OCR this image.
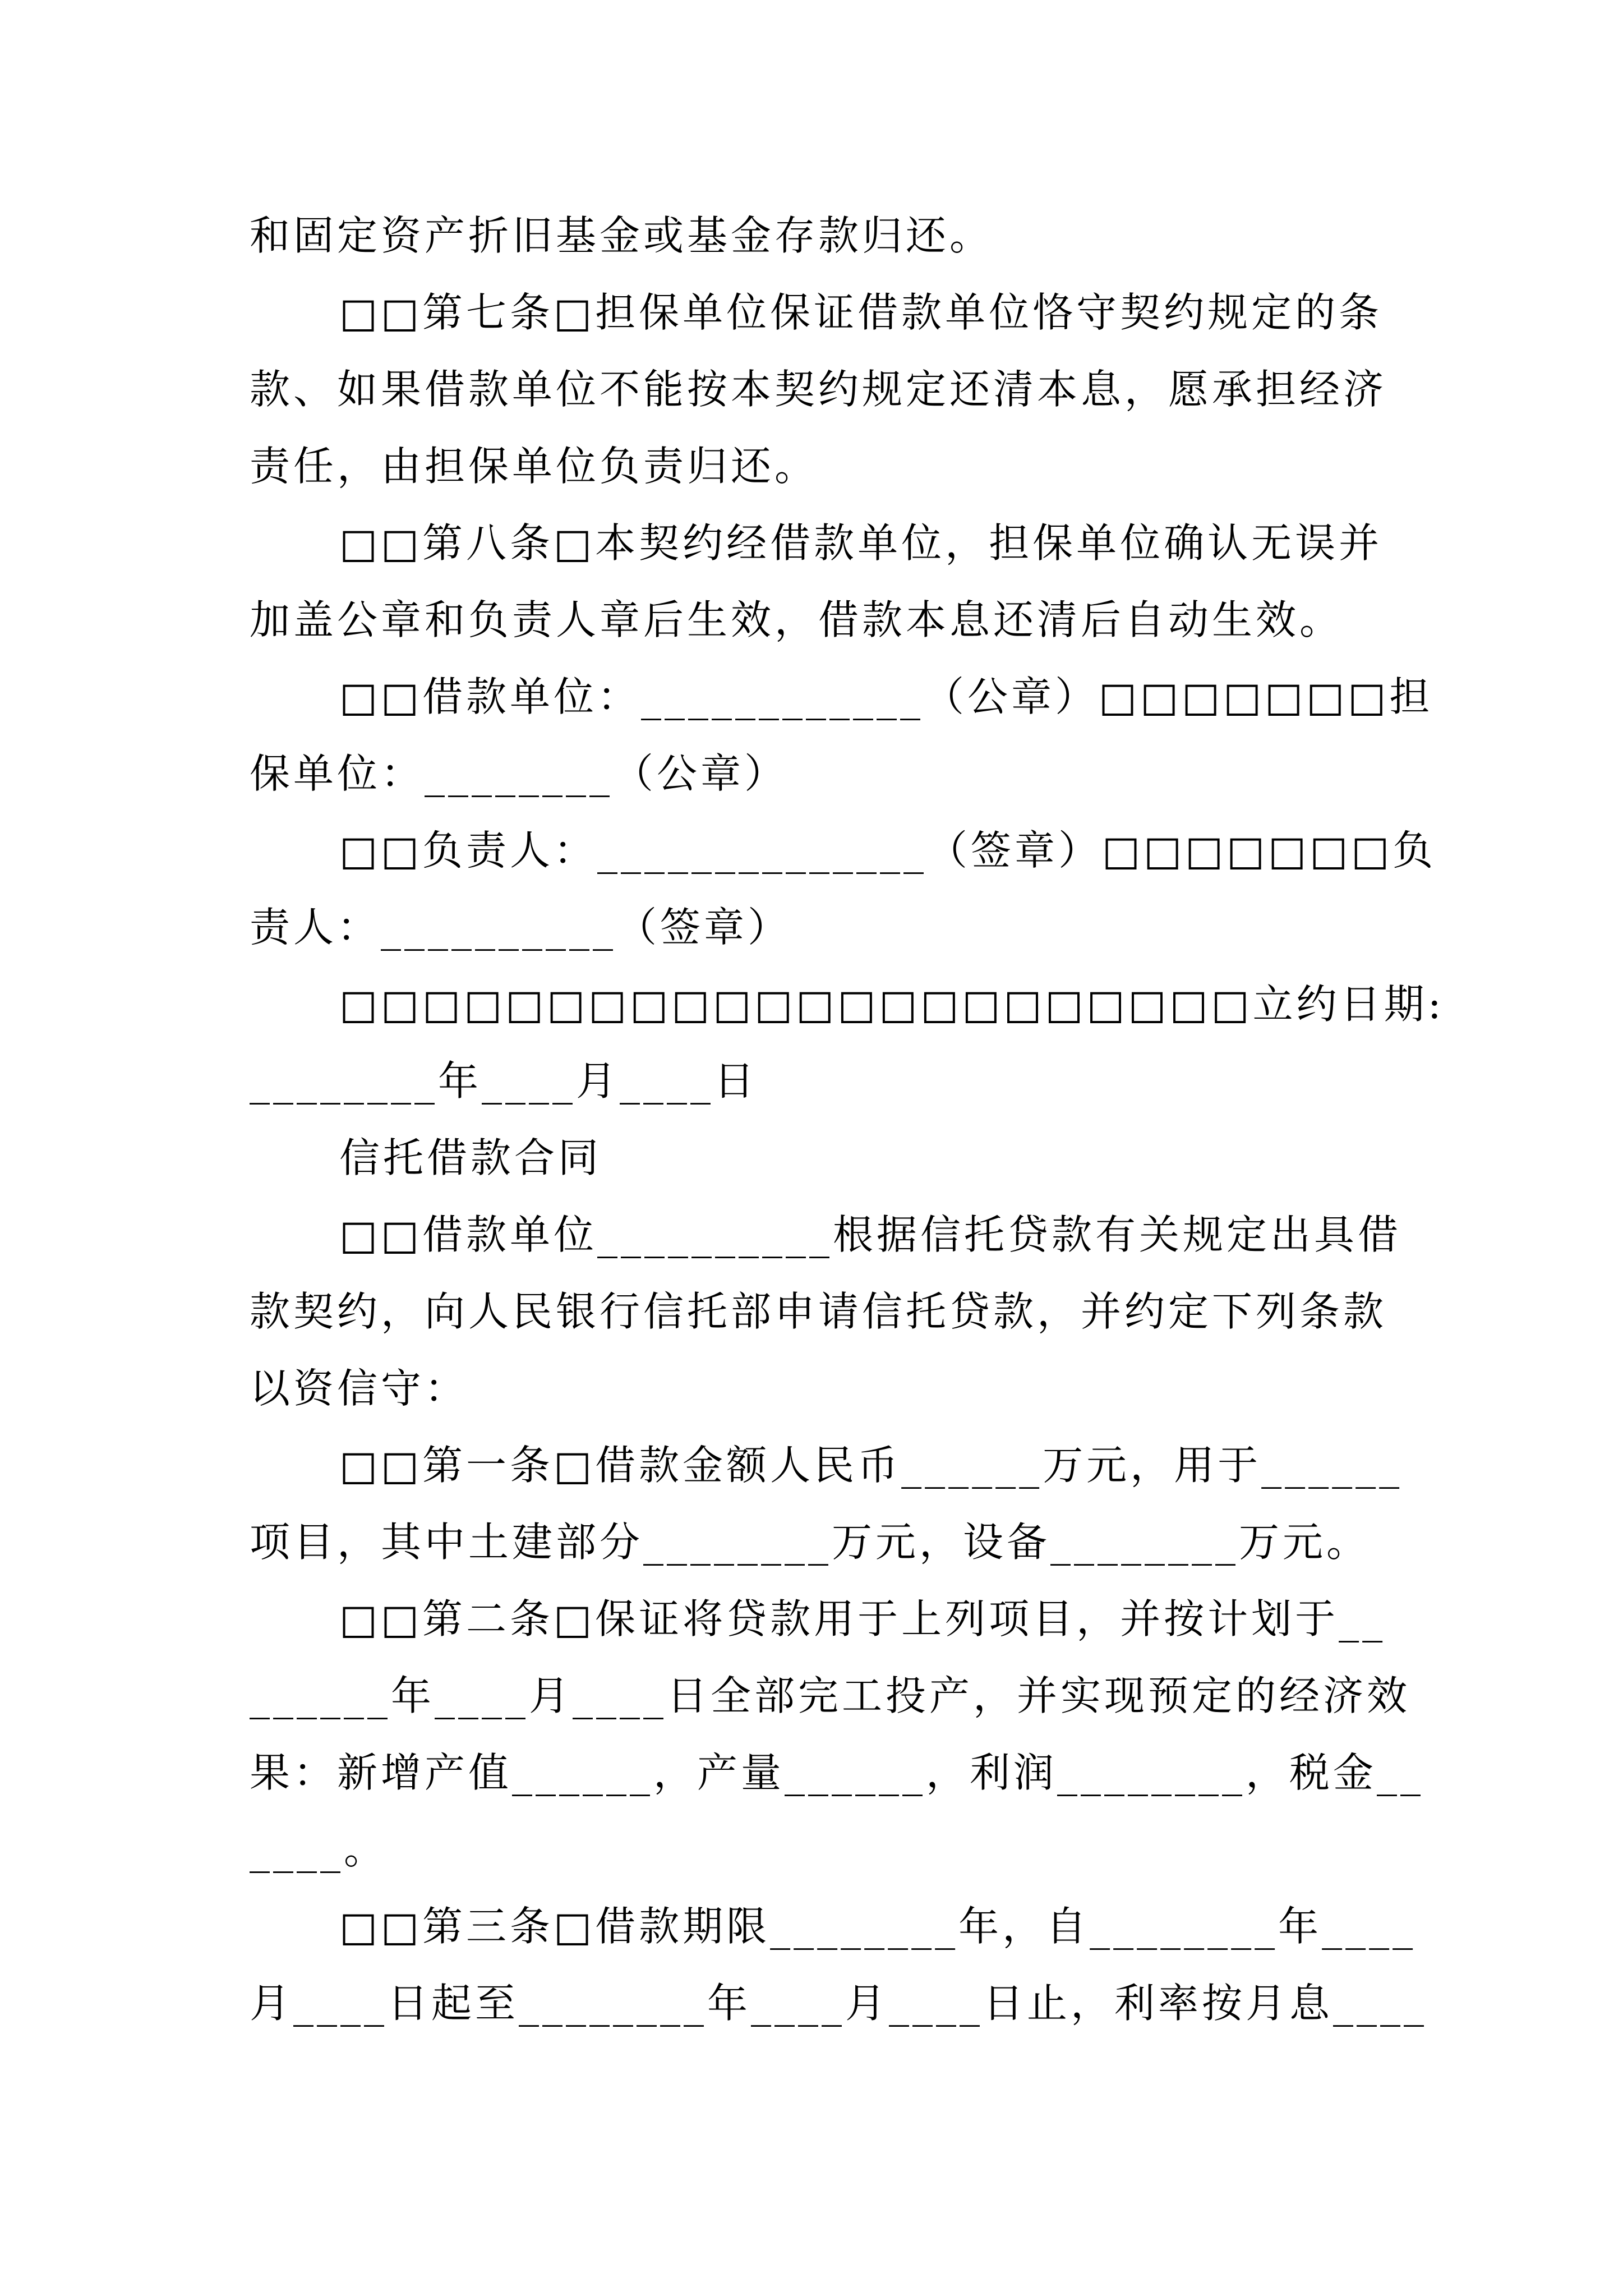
和固定资产折旧基金或基金存款归还。
□□第七条□担保单位保证借款单位恪守契约规定的条
款、如果借款单位不能按本契约规定还清本息，愿承担经济
责任，由担保单位负责归还。
□□第八条□本契约经借款单位，担保单位确认无误并
加盖公章和负责人章后生效，借款本息还清后自动生效。
□□借款单位：____________（公章）□□□□□□□担
保单位：________（公章）
□□负责人：______________（签章）□□□□□□□负
责人：__________（签章）
□□□□□□□□□□□□□□□□□□□□□□立约日期:
________年____月____日
信托借款合同
□□借款单位__________根据信托贷款有关规定出具借
款契约，向人民银行信托部申请信托贷款，并约定下列条款
以资信守：
□□第一条□借款金额人民币______万元，用于______
项目，其中土建部分________万元，设备________万元。
□□第二条□保证将贷款用于上列项目，并按计划于__
______年____月____日全部完工投产，并实现预定的经济效
果：新增产值______，产量______，利润________，税金__
____。
□□第三条□借款期限________年，自________年____
月____日起至________年____月____日止，利率按月息____
